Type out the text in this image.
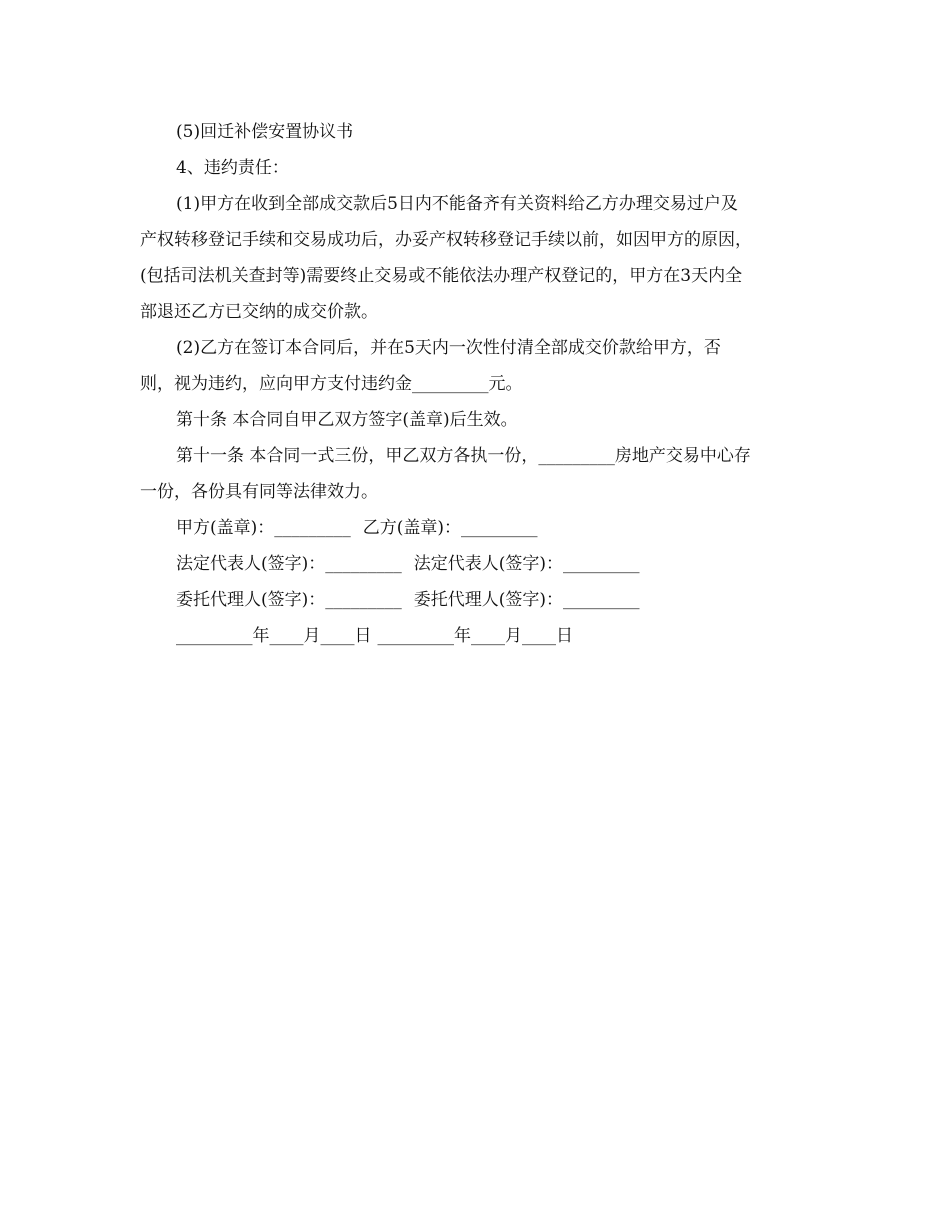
(5)回迁补偿安置协议书
4、违约责任：
(1)甲方在收到全部成交款后5日内不能备齐有关资料给乙方办理交易过户及
产权转移登记手续和交易成功后，办妥产权转移登记手续以前，如因甲方的原因，
(包括司法机关查封等)需要终止交易或不能依法办理产权登记的，甲方在3天内全
部退还乙方已交纳的成交价款。
(2)乙方在签订本合同后，并在5天内一次性付清全部成交价款给甲方，否
则，视为违约，应向甲方支付违约金_________元。
第十条 本合同自甲乙双方签字(盖章)后生效。
第十一条 本合同一式三份，甲乙双方各执一份，_________房地产交易中心存
一份，各份具有同等法律效力。
甲方(盖章)：_________ 乙方(盖章)：_________
法定代表人(签字)：_________ 法定代表人(签字)：_________
委托代理人(签字)：_________ 委托代理人(签字)：_________
_________年____月____日 _________年____月____日
